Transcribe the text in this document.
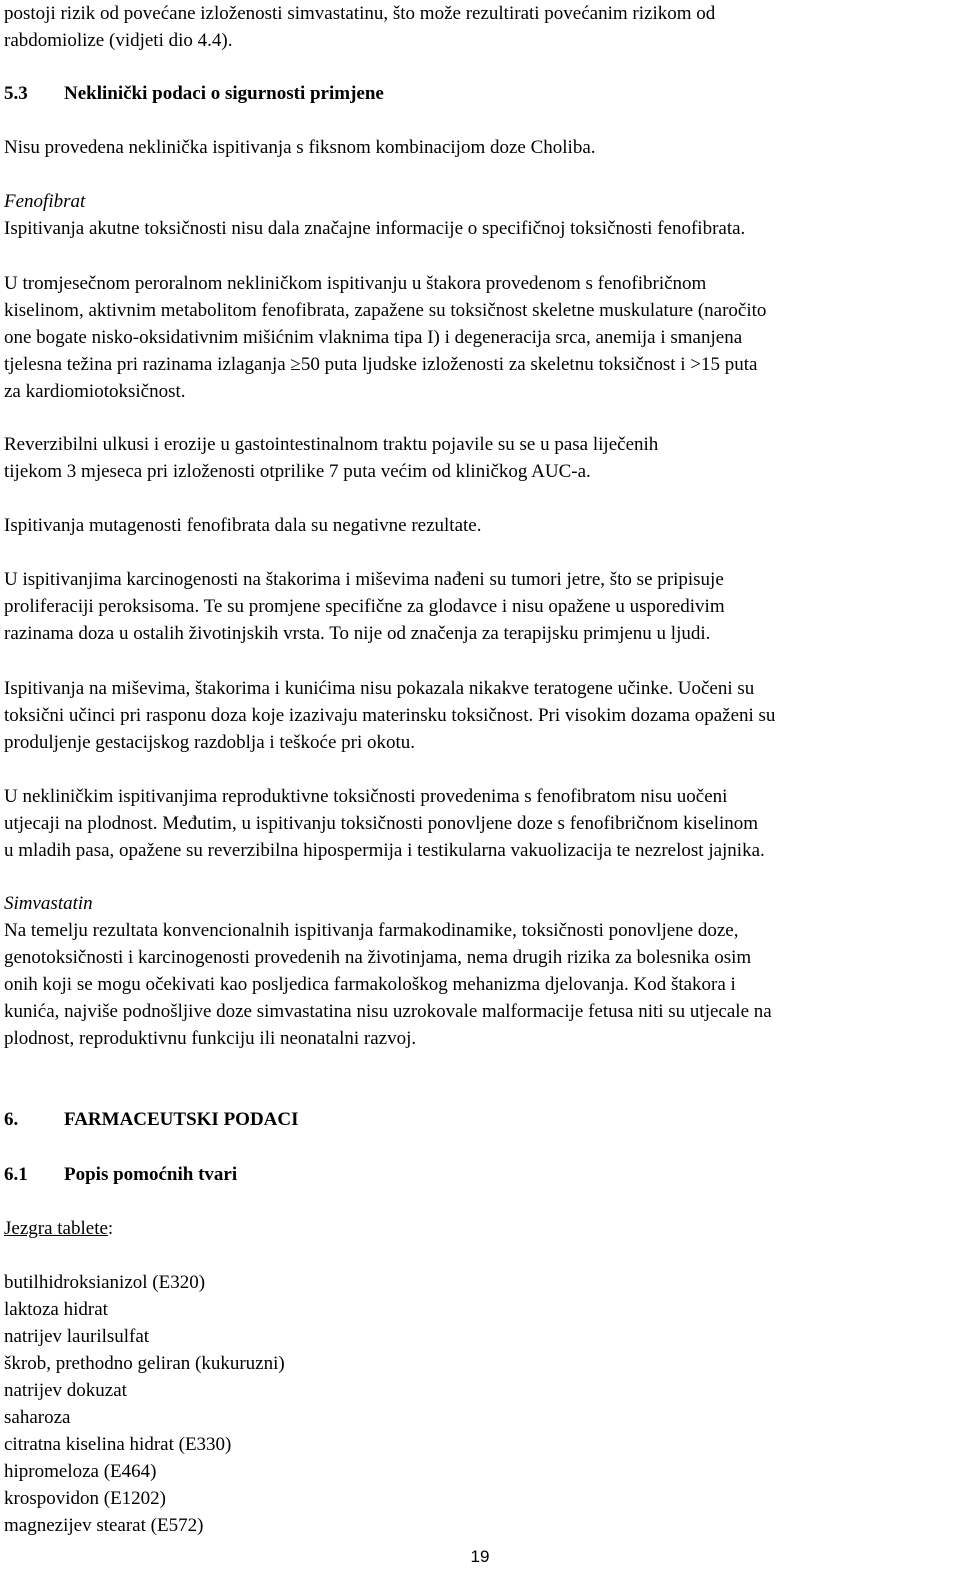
postoji rizik od povećane izloženosti simvastatinu, što može rezultirati povećanim rizikom od
rabdomiolize (vidjeti dio 4.4).

5.3 Neklinički podaci o sigurnosti primjene

Nisu provedena neklinička ispitivanja s fiksnom kombinacijom doze Choliba.

Fenofibrat

Ispitivanja akutne toksičnosti nisu dala značajne informacije o specifičnoj toksičnosti fenofibrata.

U tromjesečnom peroralnom nekliničkom ispitivanju u štakora provedenom s fenofibričnom
kiselinom, aktivnim metabolitom fenofibrata, zapažene su toksičnost skeletne muskulature (naročito
one bogate nisko-oksidativnim mišićnim vlaknima tipa I) i degeneracija srca, anemija i smanjena
tjelesna težina pri razinama izlaganja ≥50 puta ljudske izloženosti za skeletnu toksičnost i >15 puta
za kardiomiotoksičnost.

Reverzibilni ulkusi i erozije u gastointestinalnom traktu pojavile su se u pasa liječenih
tijekom 3 mjeseca pri izloženosti otprilike 7 puta većim od kliničkog AUC-a.

Ispitivanja mutagenosti fenofibrata dala su negativne rezultate.

U ispitivanjima karcinogenosti na štakorima i miševima nađeni su tumori jetre, što se pripisuje
proliferaciji peroksisoma. Te su promjene specifične za glodavce i nisu opažene u usporedivim
razinama doza u ostalih životinjskih vrsta. To nije od značenja za terapijsku primjenu u ljudi.

Ispitivanja na miševima, štakorima i kunićima nisu pokazala nikakve teratogene učinke. Uočeni su
toksični učinci pri rasponu doza koje izazivaju materinsku toksičnost. Pri visokim dozama opaženi su
produljenje gestacijskog razdoblja i teškoće pri okotu.

U nekliničkim ispitivanjima reproduktivne toksičnosti provedenima s fenofibratom nisu uočeni
utjecaji na plodnost. Međutim, u ispitivanju toksičnosti ponovljene doze s fenofibričnom kiselinom
u mladih pasa, opažene su reverzibilna hipospermija i testikularna vakuolizacija te nezrelost jajnika.

Simvastatin

Na temelju rezultata konvencionalnih ispitivanja farmakodinamike, toksičnosti ponovljene doze,
genotoksičnosti i karcinogenosti provedenih na životinjama, nema drugih rizika za bolesnika osim
onih koji se mogu očekivati kao posljedica farmakološkog mehanizma djelovanja. Kod štakora i
kunića, najviše podnošljive doze simvastatina nisu uzrokovale malformacije fetusa niti su utjecale na
plodnost, reproduktivnu funkciju ili neonatalni razvoj.

6. FARMACEUTSKI PODACI

6.1 Popis pomoćnih tvari

Jezgra tablete:

butilhidroksianizol (E320)
laktoza hidrat
natrijev laurilsulfat
škrob, prethodno geliran (kukuruzni)
natrijev dokuzat
saharoza
citratna kiselina hidrat (E330)
hipromeloza (E464)
krospovidon (E1202)
magnezijev stearat (E572)
19
